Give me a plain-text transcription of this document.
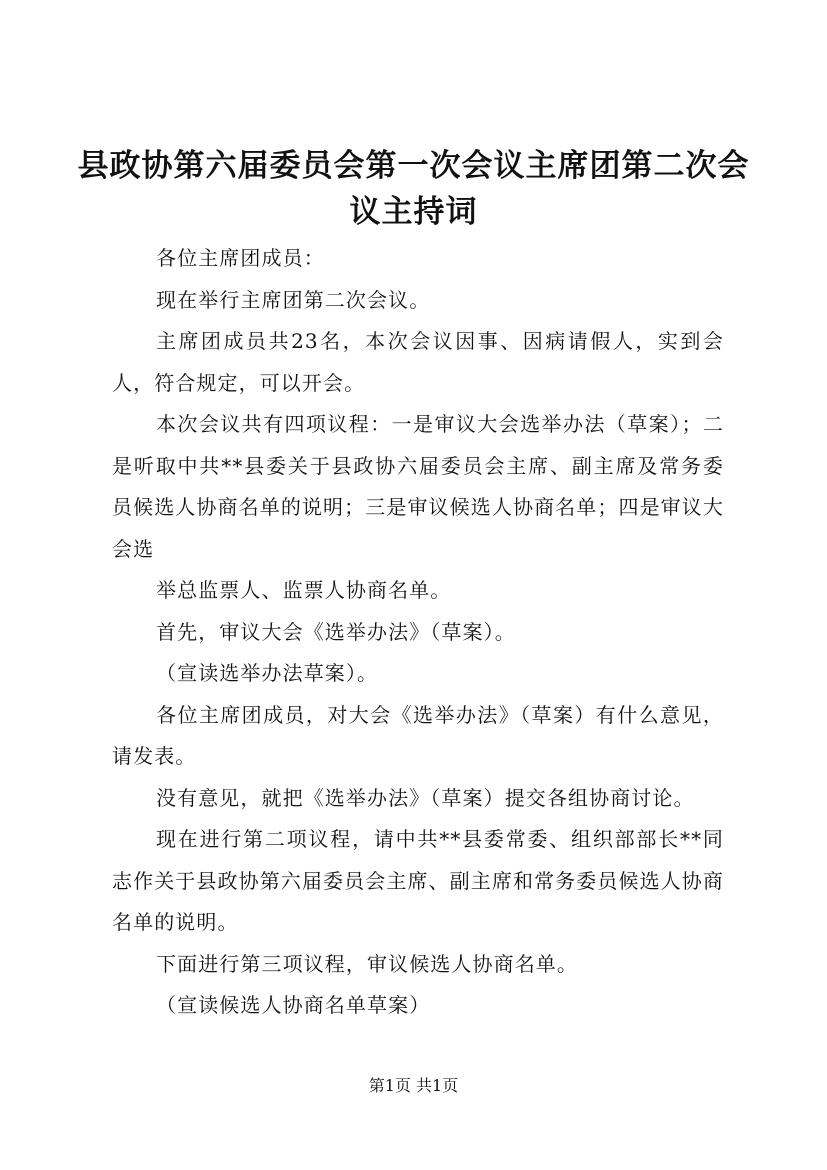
县政协第六届委员会第一次会议主席团第二次会议主持词

各位主席团成员：

现在举行主席团第二次会议。

主席团成员共23名，本次会议因事、因病请假人，实到会人，符合规定，可以开会。

本次会议共有四项议程：一是审议大会选举办法（草案）；二是听取中共**县委关于县政协六届委员会主席、副主席及常务委员候选人协商名单的说明；三是审议候选人协商名单；四是审议大会选

举总监票人、监票人协商名单。

首先，审议大会《选举办法》（草案）。

（宣读选举办法草案）。

各位主席团成员，对大会《选举办法》（草案）有什么意见，请发表。

没有意见，就把《选举办法》（草案）提交各组协商讨论。

现在进行第二项议程，请中共**县委常委、组织部部长**同志作关于县政协第六届委员会主席、副主席和常务委员候选人协商名单的说明。

下面进行第三项议程，审议候选人协商名单。

（宣读候选人协商名单草案）

第1页 共1页
